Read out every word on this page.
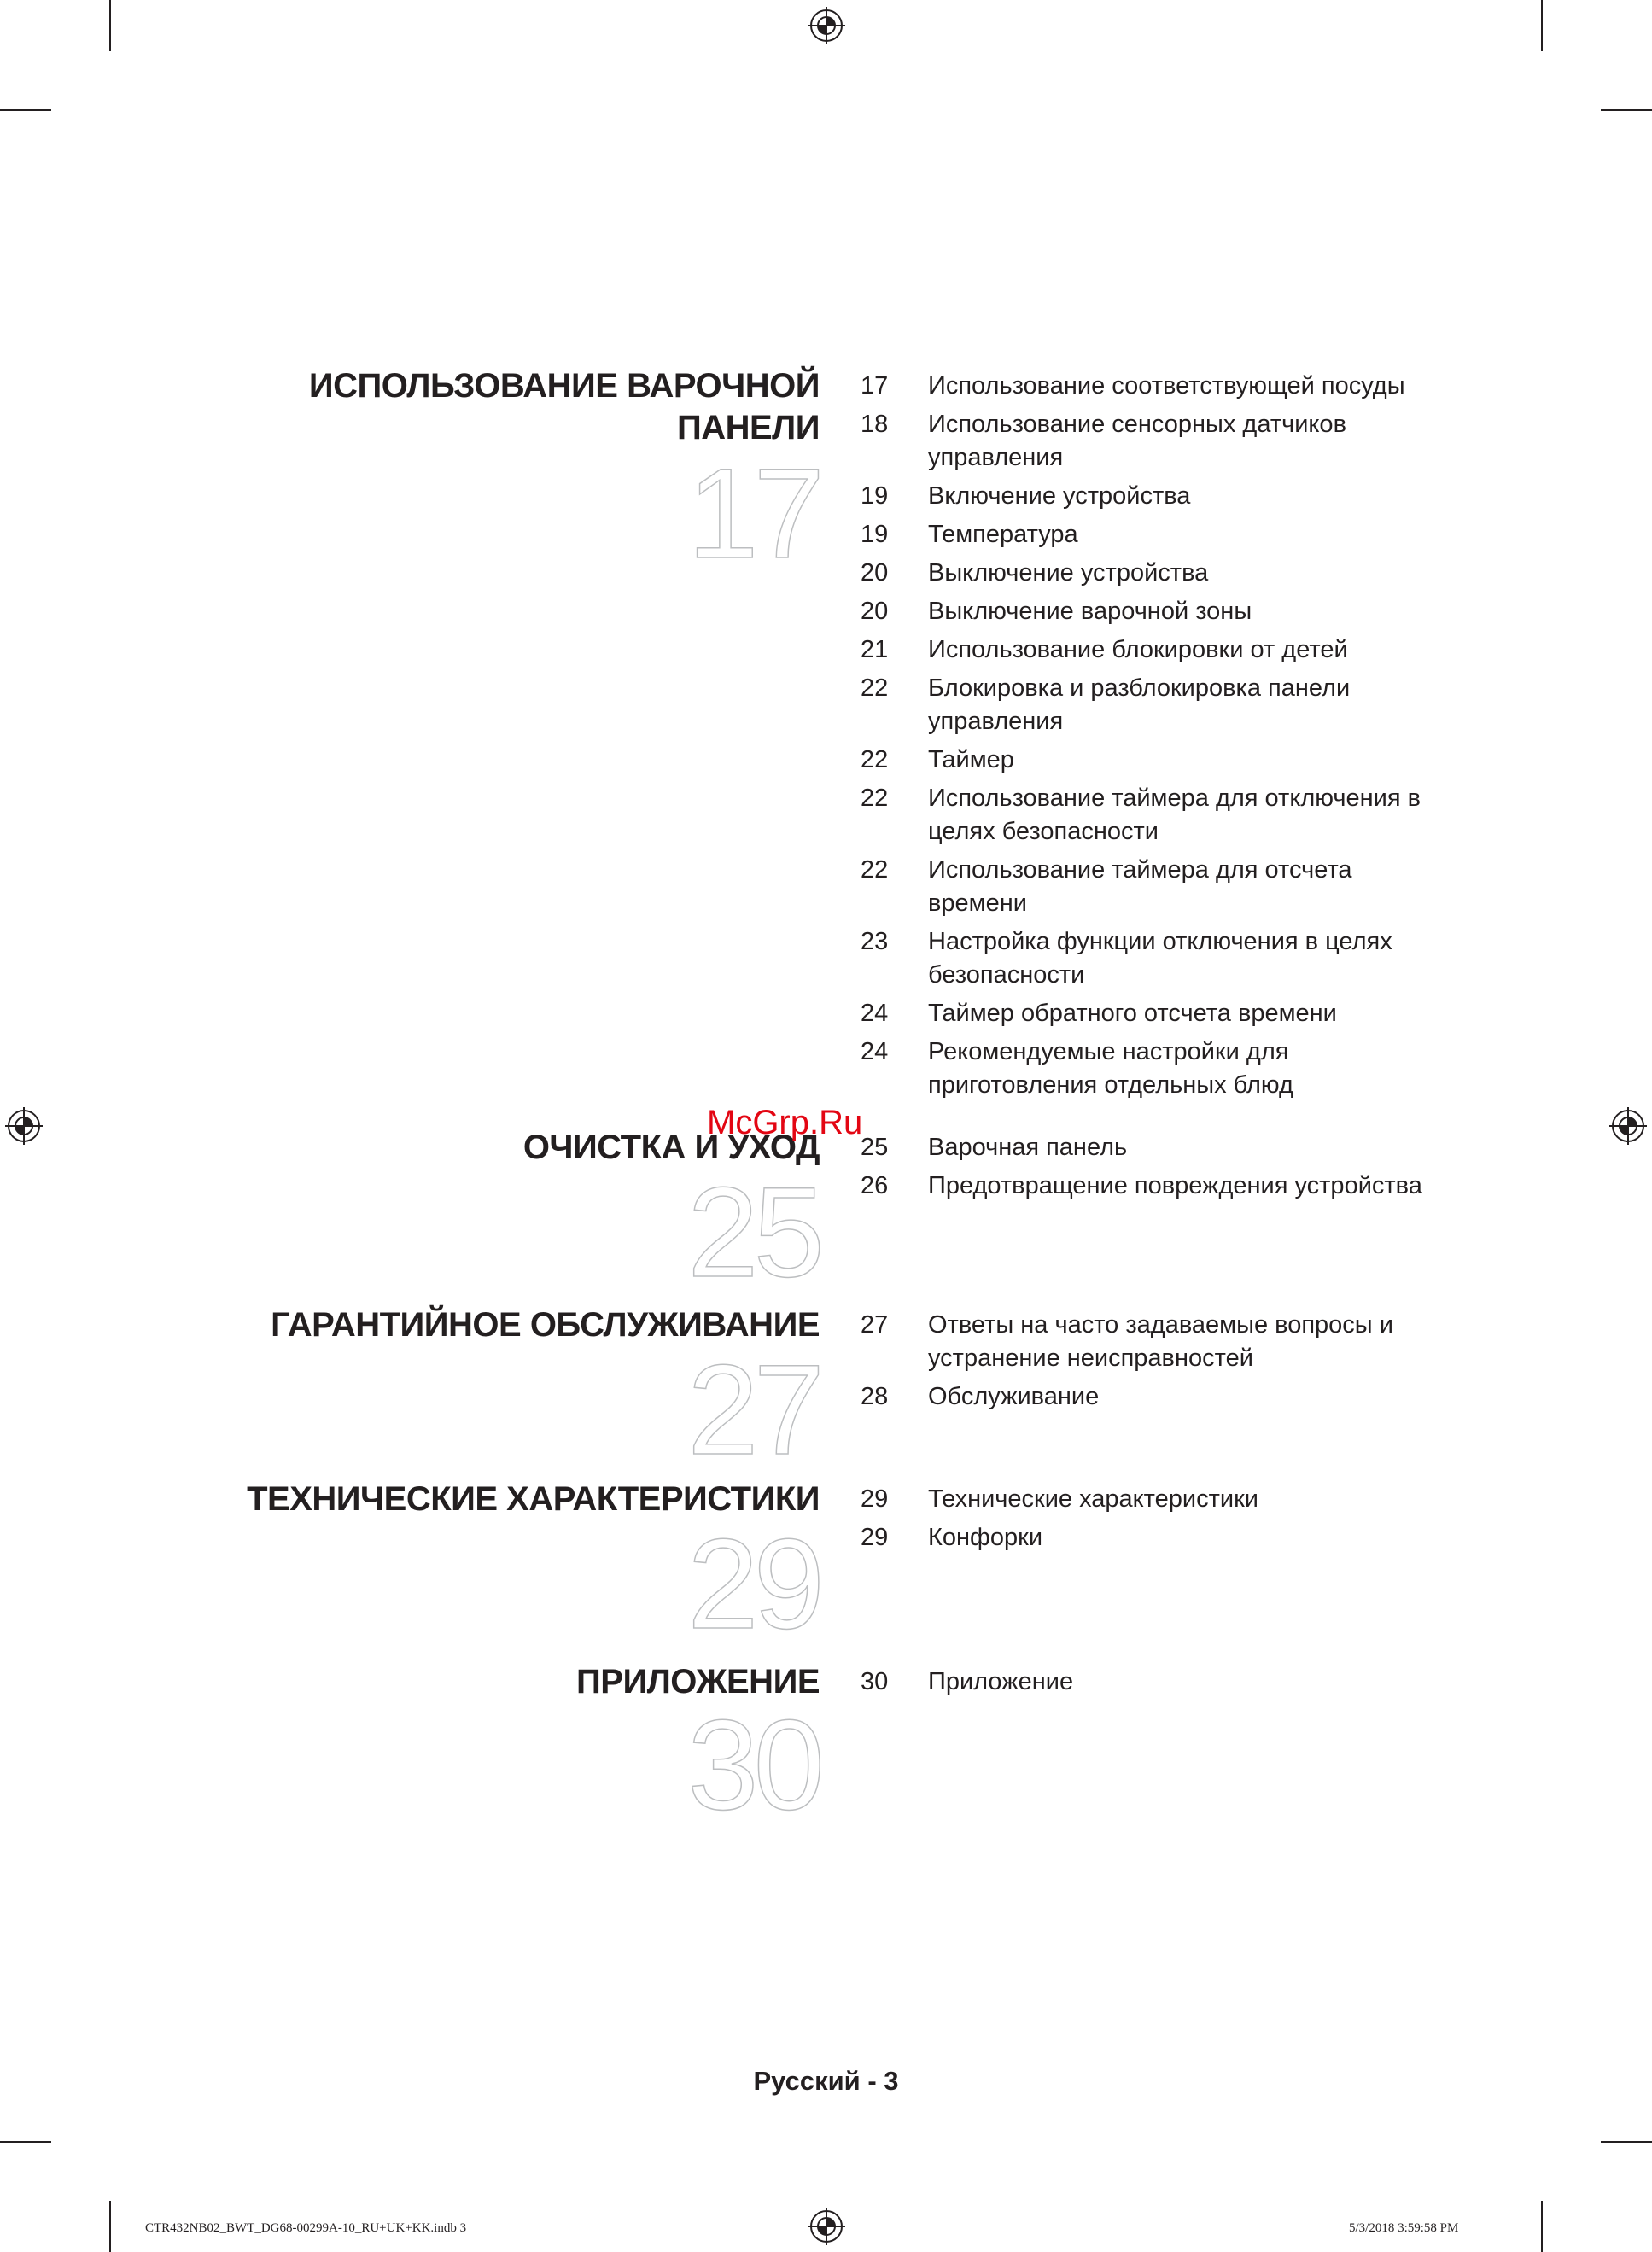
ИСПОЛЬЗОВАНИЕ ВАРОЧНОЙ
ПАНЕЛИ
17
17	Использование соответствующей посуды
18	Использование сенсорных датчиков управления
19	Включение устройства
19	Температура
20	Выключение устройства
20	Выключение варочной зоны
21	Использование блокировки от детей
22	Блокировка и разблокировка панели управления
22	Таймер
22	Использование таймера для отключения в целях безопасности
22	Использование таймера для отсчета времени
23	Настройка функции отключения в целях безопасности
24	Таймер обратного отсчета времени
24	Рекомендуемые настройки для приготовления отдельных блюд
ОЧИСТКА И УХОД
25
25	Варочная панель
26	Предотвращение повреждения устройства
ГАРАНТИЙНОЕ ОБСЛУЖИВАНИЕ
27
27	Ответы на часто задаваемые вопросы и устранение неисправностей
28	Обслуживание
ТЕХНИЧЕСКИЕ ХАРАКТЕРИСТИКИ
29
29	Технические характеристики
29	Конфорки
ПРИЛОЖЕНИЕ
30
30	Приложение
McGrp.Ru
Русский - 3
CTR432NB02_BWT_DG68-00299A-10_RU+UK+KK.indb 3	5/3/2018 3:59:58 PM
